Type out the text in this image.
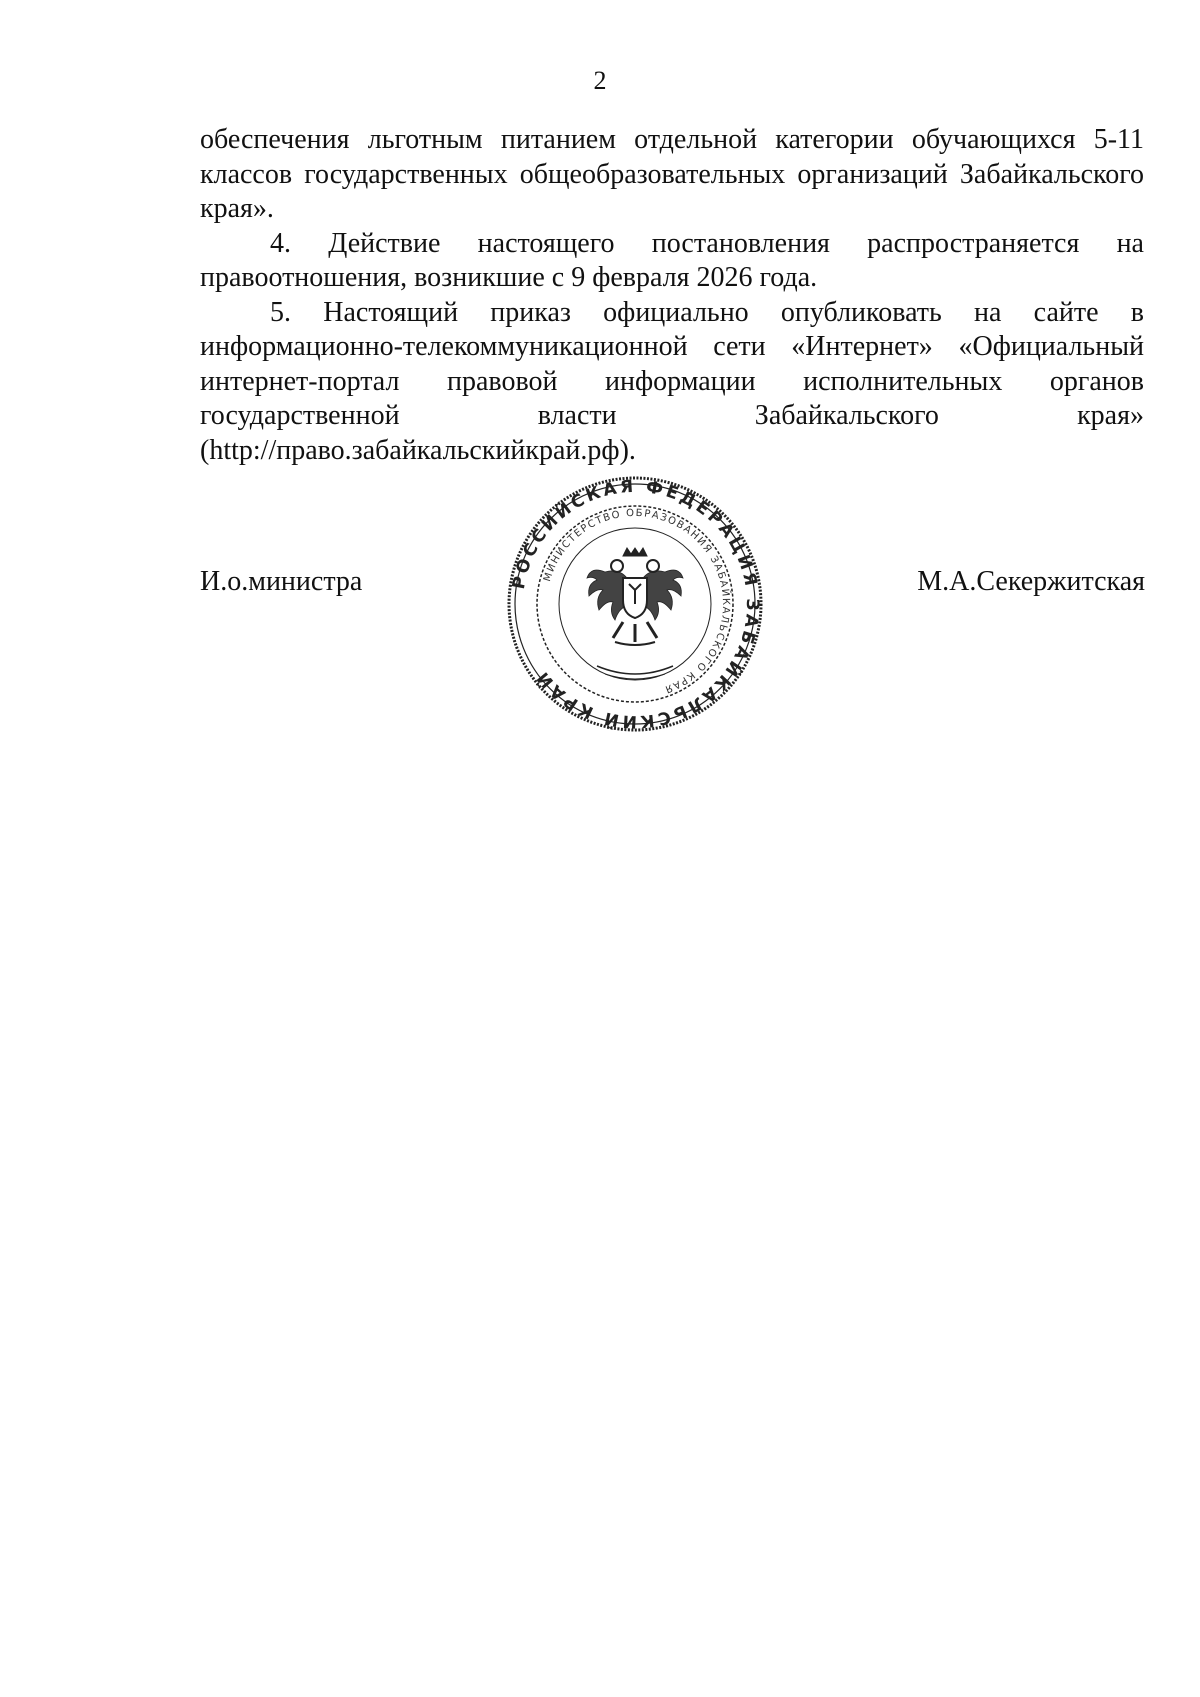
2

обеспечения льготным питанием отдельной категории обучающихся 5-11
классов государственных общеобразовательных организаций Забайкальского
края».

4. Действие настоящего постановления распространяется на
правоотношения, возникшие с 9 февраля 2026 года.

5. Настоящий приказ официально опубликовать на сайте в
информационно-телекоммуникационной сети «Интернет» «Официальный
интернет-портал правовой информации исполнительных органов
государственной власти Забайкальского края»
(http://право.забайкальскийкрай.рф).

И.о.министра	М.А.Секержитская
РОССИЙСКАЯ ФЕДЕРАЦИЯ ЗАБАЙКАЛЬСКИЙ КРАЙ
МИНИСТЕРСТВО ОБРАЗОВАНИЯ ЗАБАЙКАЛЬСКОГО КРАЯ
